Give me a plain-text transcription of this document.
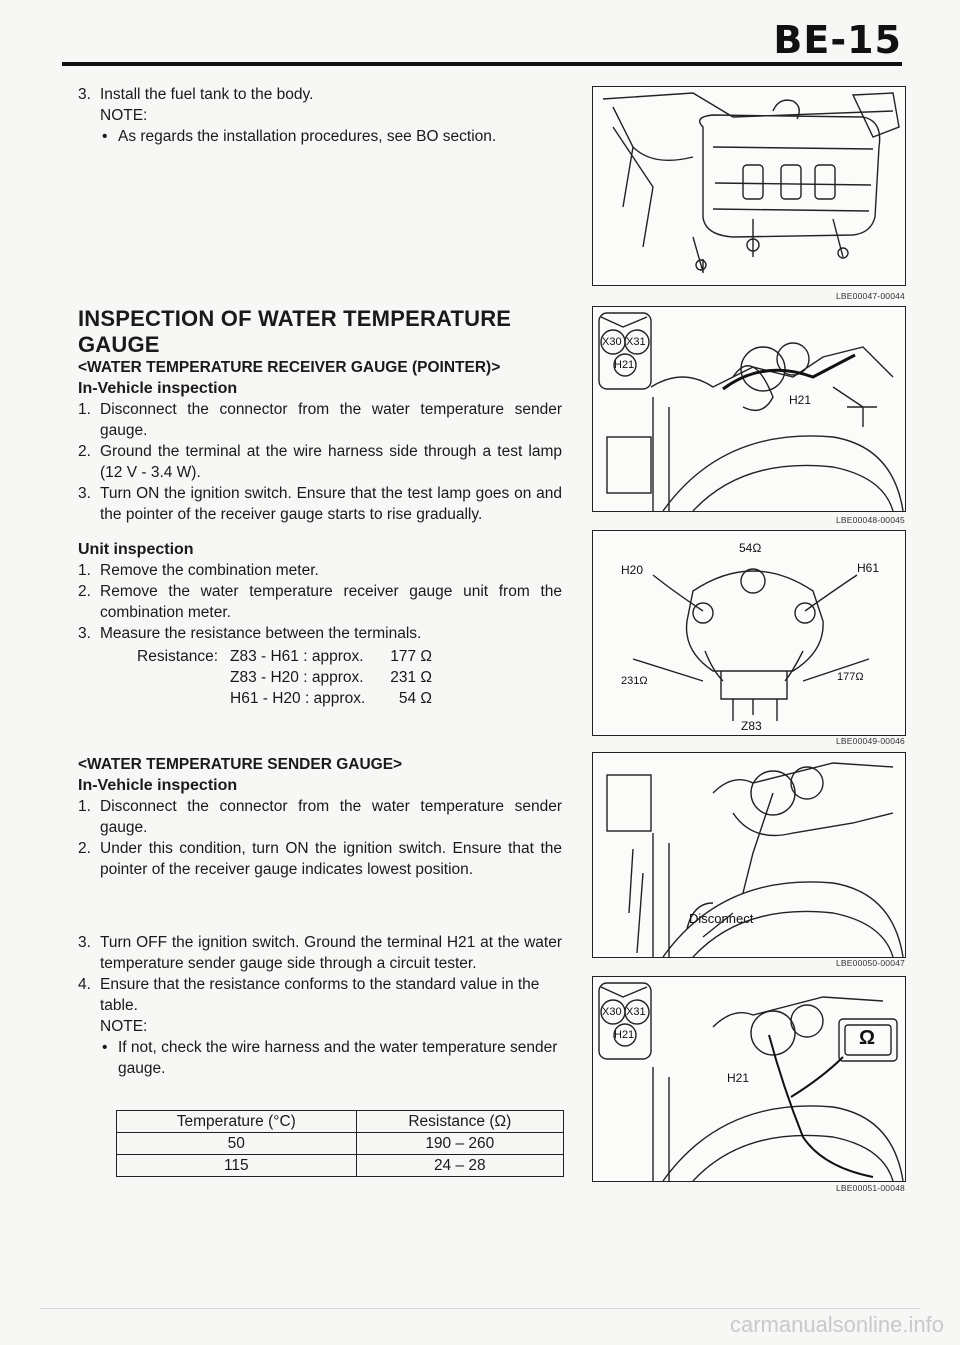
BE-15

3. Install the fuel tank to the body.

NOTE:
• As regards the installation procedures, see BO section.
INSPECTION OF WATER TEMPERATURE GAUGE
<WATER TEMPERATURE RECEIVER GAUGE (POINTER)>
In-Vehicle inspection

1. Disconnect the connector from the water temperature sender gauge.

2. Ground the terminal at the wire harness side through a test lamp (12 V - 3.4 W).

3. Turn ON the ignition switch. Ensure that the test lamp goes on and the pointer of the receiver gauge starts to rise gradually.

Unit inspection

1. Remove the combination meter.

2. Remove the water temperature receiver gauge unit from the combination meter.

3. Measure the resistance between the terminals.

Resistance: Z83 - H61 : approx.	177 Ω
Z83 - H20 : approx.	231 Ω
H61 - H20 : approx.	54 Ω
<WATER TEMPERATURE SENDER GAUGE>
In-Vehicle inspection

1. Disconnect the connector from the water temperature sender gauge.

2. Under this condition, turn ON the ignition switch. Ensure that the pointer of the receiver gauge indicates lowest position.

3. Turn OFF the ignition switch. Ground the terminal H21 at the water temperature sender gauge side through a circuit tester.

4. Ensure that the resistance conforms to the standard value in the table.

NOTE:
• If not, check the wire harness and the water temperature sender gauge.
Temperature (°C)	Resistance (Ω)
50	190 – 260
115	24 – 28
LBE00047-00044
X30 X31
H21
H21
LBE00048-00045
54Ω
H20	H61
231Ω	177Ω
Z83
LBE00049-00046
Disconnect
LBE00050-00047
X30 X31
H21
H21
Ω
LBE00051-00048
carmanualsonline.info
